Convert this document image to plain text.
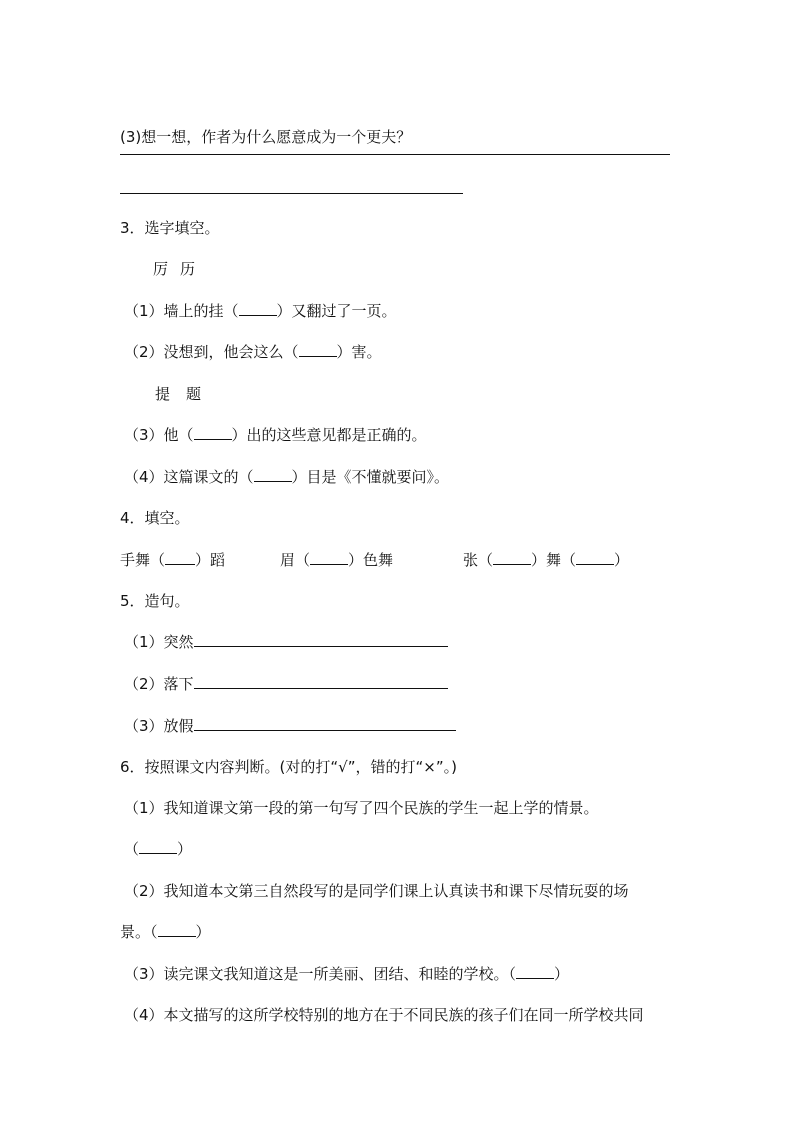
(3)想一想，作者为什么愿意成为一个更夫？
3．选字填空。
厉 历
（1）墙上的挂（	）又翻过了一页。
（2）没想到，他会这么（	）害。
提 题
（3）他（	）出的这些意见都是正确的。
（4）这篇课文的（	）目是《不懂就要问》。
4．填空。
手舞（ ）蹈	眉（	）色舞	张（	）舞（	）
5．造句。
（1）突然
（2）落下
（3）放假
6．按照课文内容判断。(对的打“√”，错的打“×”。)
（1）我知道课文第一段的第一句写了四个民族的学生一起上学的情景。
（	）
（2）我知道本文第三自然段写的是同学们课上认真读书和课下尽情玩耍的场
景。（	）
（3）读完课文我知道这是一所美丽、团结、和睦的学校。（	）
（4）本文描写的这所学校特别的地方在于不同民族的孩子们在同一所学校共同
